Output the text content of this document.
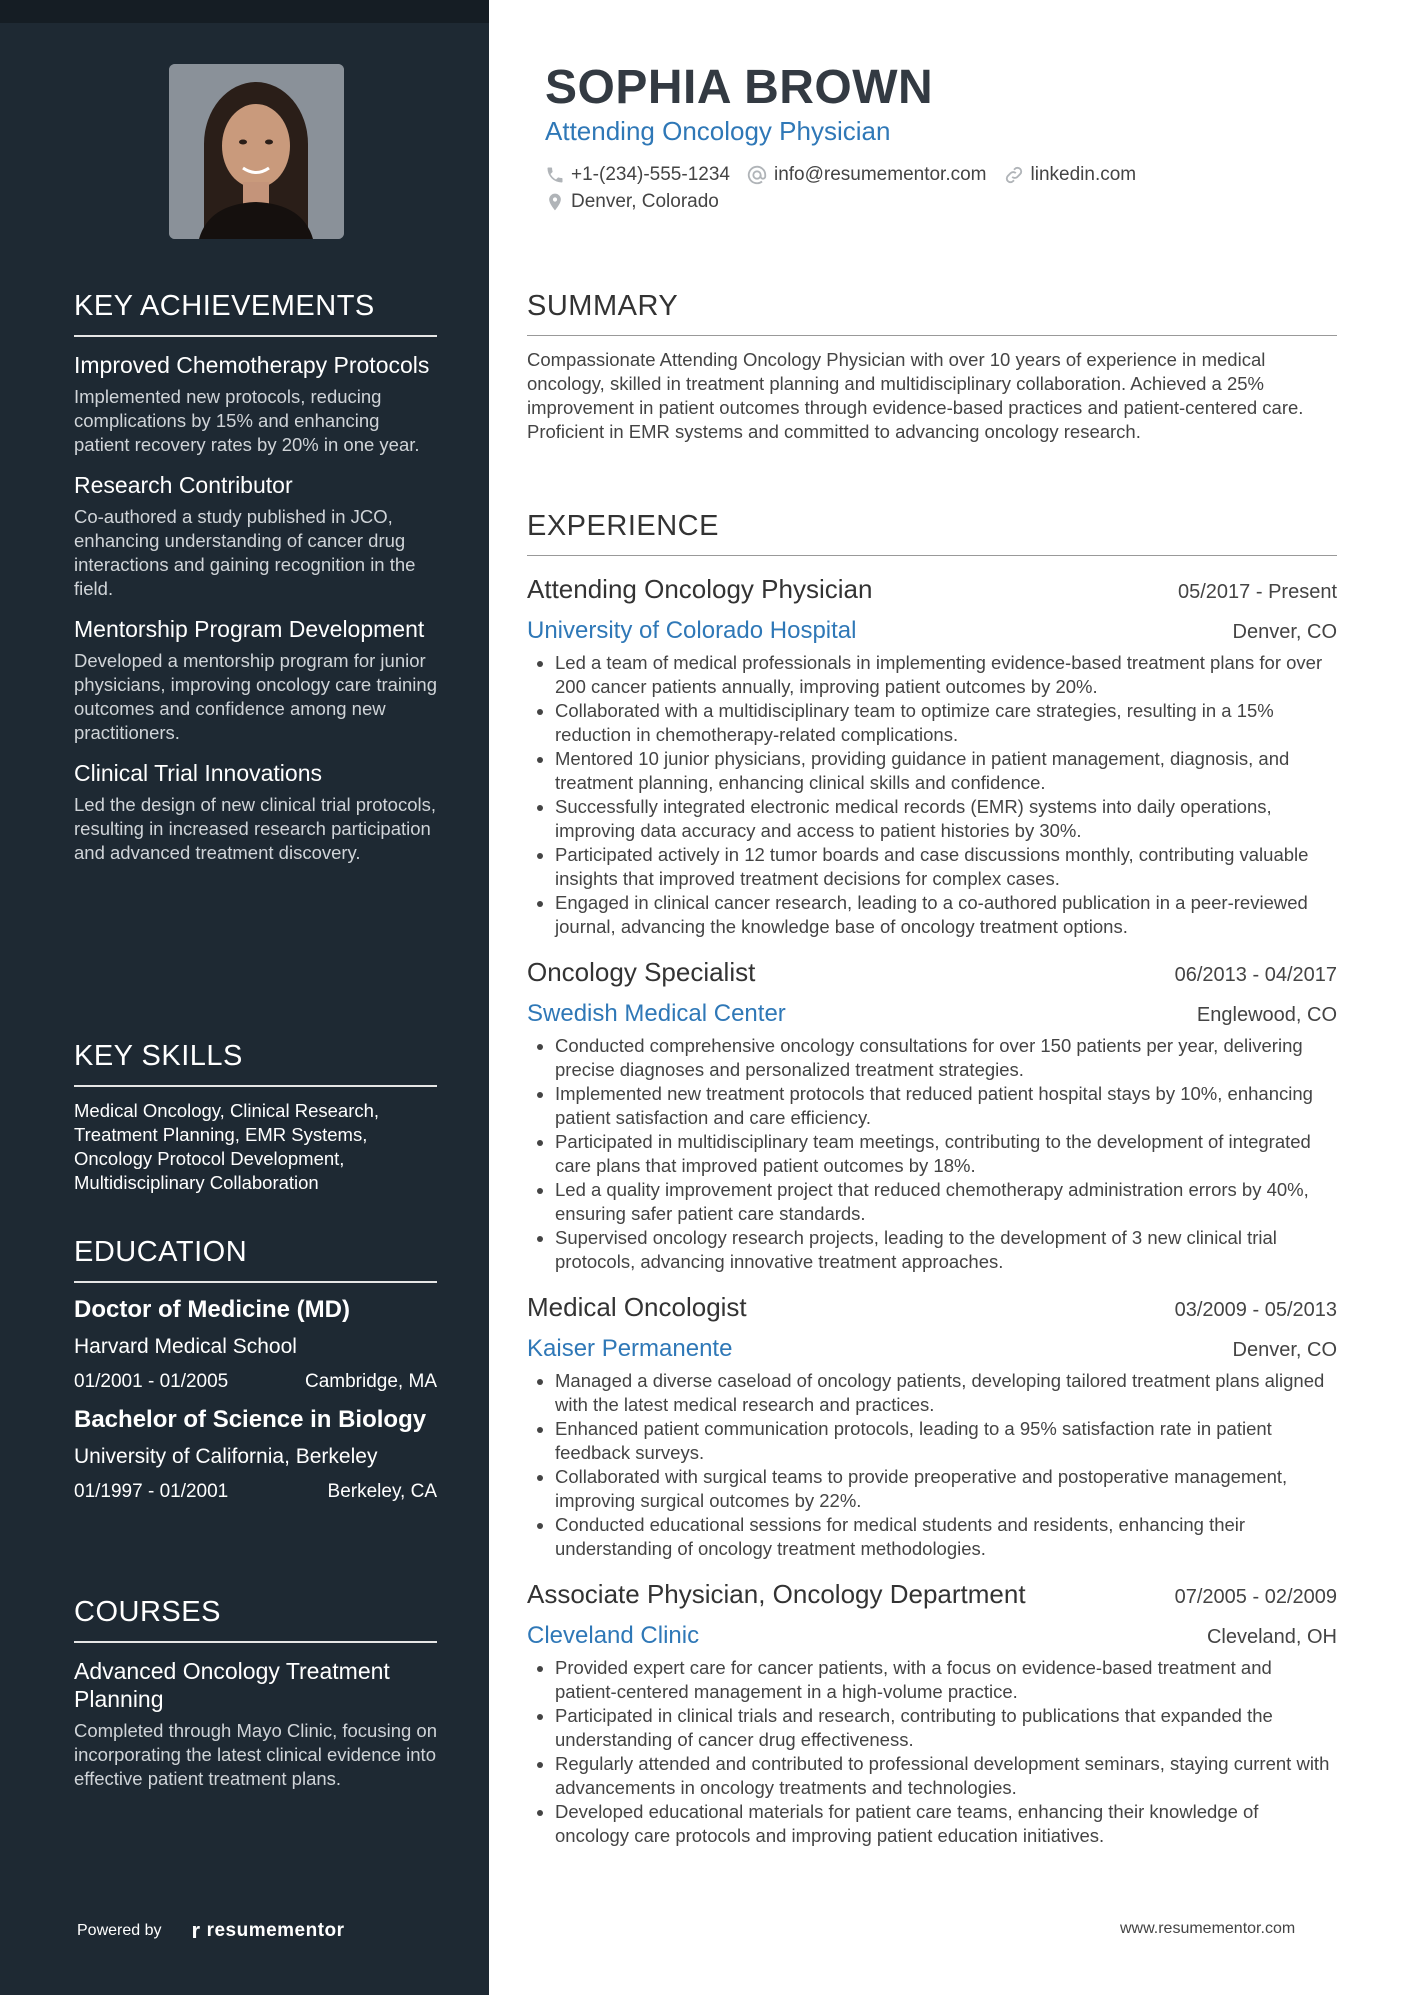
KEY ACHIEVEMENTS
Improved Chemotherapy Protocols
Implemented new protocols, reducing complications by 15% and enhancing patient recovery rates by 20% in one year.
Research Contributor
Co-authored a study published in JCO, enhancing understanding of cancer drug interactions and gaining recognition in the field.
Mentorship Program Development
Developed a mentorship program for junior physicians, improving oncology care training outcomes and confidence among new practitioners.
Clinical Trial Innovations
Led the design of new clinical trial protocols, resulting in increased research participation and advanced treatment discovery.
KEY SKILLS
Medical Oncology, Clinical Research, Treatment Planning, EMR Systems, Oncology Protocol Development, Multidisciplinary Collaboration
EDUCATION
Doctor of Medicine (MD)
Harvard Medical School
01/2001 - 01/2005	Cambridge, MA
Bachelor of Science in Biology
University of California, Berkeley
01/1997 - 01/2001	Berkeley, CA
COURSES
Advanced Oncology Treatment Planning
Completed through Mayo Clinic, focusing on incorporating the latest clinical evidence into effective patient treatment plans.
Powered by r resumementor
SOPHIA BROWN
Attending Oncology Physician
+1-(234)-555-1234 info@resumementor.com linkedin.com
Denver, Colorado
SUMMARY
Compassionate Attending Oncology Physician with over 10 years of experience in medical oncology, skilled in treatment planning and multidisciplinary collaboration. Achieved a 25% improvement in patient outcomes through evidence-based practices and patient-centered care. Proficient in EMR systems and committed to advancing oncology research.
EXPERIENCE
Attending Oncology Physician	05/2017 - Present
University of Colorado Hospital	Denver, CO
• Led a team of medical professionals in implementing evidence-based treatment plans for over 200 cancer patients annually, improving patient outcomes by 20%.
• Collaborated with a multidisciplinary team to optimize care strategies, resulting in a 15% reduction in chemotherapy-related complications.
• Mentored 10 junior physicians, providing guidance in patient management, diagnosis, and treatment planning, enhancing clinical skills and confidence.
• Successfully integrated electronic medical records (EMR) systems into daily operations, improving data accuracy and access to patient histories by 30%.
• Participated actively in 12 tumor boards and case discussions monthly, contributing valuable insights that improved treatment decisions for complex cases.
• Engaged in clinical cancer research, leading to a co-authored publication in a peer-reviewed journal, advancing the knowledge base of oncology treatment options.
Oncology Specialist	06/2013 - 04/2017
Swedish Medical Center	Englewood, CO
• Conducted comprehensive oncology consultations for over 150 patients per year, delivering precise diagnoses and personalized treatment strategies.
• Implemented new treatment protocols that reduced patient hospital stays by 10%, enhancing patient satisfaction and care efficiency.
• Participated in multidisciplinary team meetings, contributing to the development of integrated care plans that improved patient outcomes by 18%.
• Led a quality improvement project that reduced chemotherapy administration errors by 40%, ensuring safer patient care standards.
• Supervised oncology research projects, leading to the development of 3 new clinical trial protocols, advancing innovative treatment approaches.
Medical Oncologist	03/2009 - 05/2013
Kaiser Permanente	Denver, CO
• Managed a diverse caseload of oncology patients, developing tailored treatment plans aligned with the latest medical research and practices.
• Enhanced patient communication protocols, leading to a 95% satisfaction rate in patient feedback surveys.
• Collaborated with surgical teams to provide preoperative and postoperative management, improving surgical outcomes by 22%.
• Conducted educational sessions for medical students and residents, enhancing their understanding of oncology treatment methodologies.
Associate Physician, Oncology Department	07/2005 - 02/2009
Cleveland Clinic	Cleveland, OH
• Provided expert care for cancer patients, with a focus on evidence-based treatment and patient-centered management in a high-volume practice.
• Participated in clinical trials and research, contributing to publications that expanded the understanding of cancer drug effectiveness.
• Regularly attended and contributed to professional development seminars, staying current with advancements in oncology treatments and technologies.
• Developed educational materials for patient care teams, enhancing their knowledge of oncology care protocols and improving patient education initiatives.
www.resumementor.com
